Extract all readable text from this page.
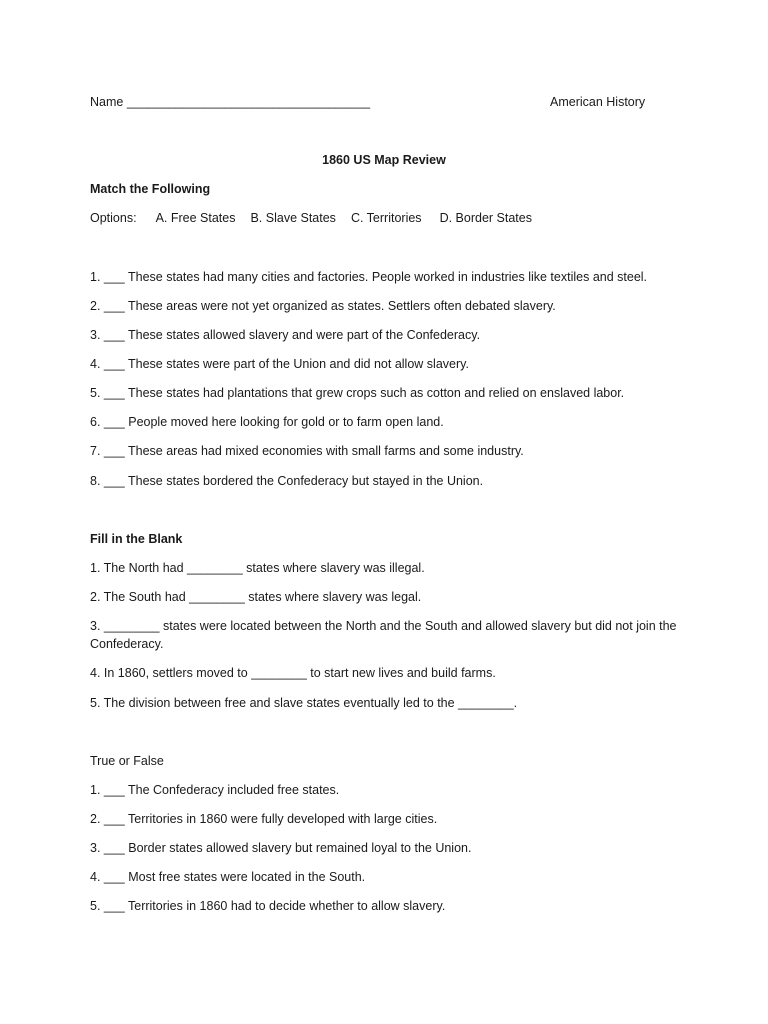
Name ___________________________________	American History
1860 US Map Review
Match the Following
Options: A. Free States B. Slave States C. Territories D. Border States
1. ___ These states had many cities and factories. People worked in industries like textiles and steel.
2. ___ These areas were not yet organized as states. Settlers often debated slavery.
3. ___ These states allowed slavery and were part of the Confederacy.
4. ___ These states were part of the Union and did not allow slavery.
5. ___ These states had plantations that grew crops such as cotton and relied on enslaved labor.
6. ___ People moved here looking for gold or to farm open land.
7. ___ These areas had mixed economies with small farms and some industry.
8. ___ These states bordered the Confederacy but stayed in the Union.
Fill in the Blank
1. The North had ________ states where slavery was illegal.
2. The South had ________ states where slavery was legal.
3. ________ states were located between the North and the South and allowed slavery but did not join the Confederacy.
4. In 1860, settlers moved to ________ to start new lives and build farms.
5. The division between free and slave states eventually led to the ________.
True or False
1. ___ The Confederacy included free states.
2. ___ Territories in 1860 were fully developed with large cities.
3. ___ Border states allowed slavery but remained loyal to the Union.
4. ___ Most free states were located in the South.
5. ___ Territories in 1860 had to decide whether to allow slavery.
